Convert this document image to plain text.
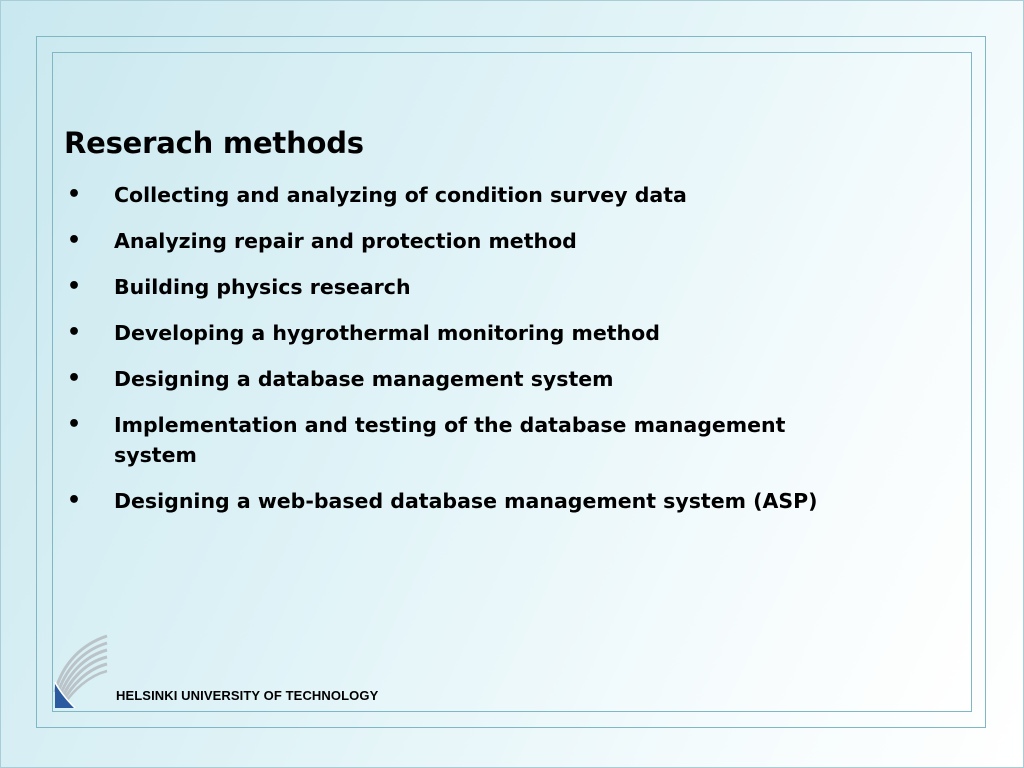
Reserach methods
• Collecting and analyzing of condition survey data
• Analyzing repair and protection method
• Building physics research
• Developing a hygrothermal monitoring method
• Designing a database management system
• Implementation and testing of the database management system
• Designing a web-based database management system (ASP)
HELSINKI UNIVERSITY OF TECHNOLOGY
